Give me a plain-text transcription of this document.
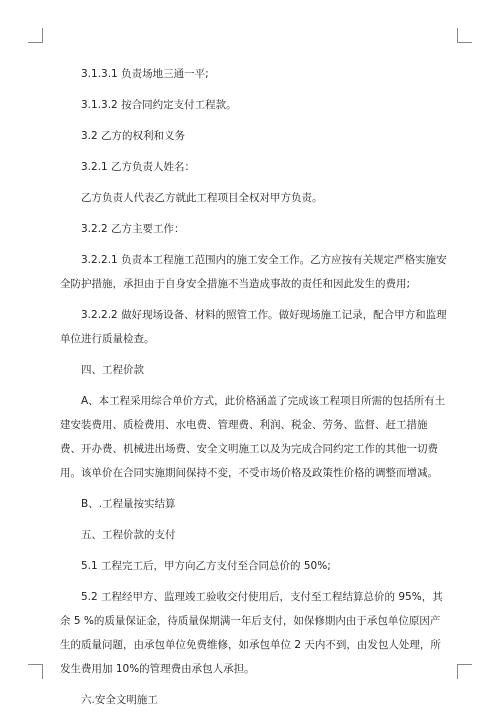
3.1.3.1 负责场地三通一平;

3.1.3.2 按合同约定支付工程款。

3.2 乙方的权利和义务

3.2.1 乙方负责人姓名：

乙方负责人代表乙方就此工程项目全权对甲方负责。

3.2.2 乙方主要工作：

3.2.2.1 负责本工程施工范围内的施工安全工作。乙方应按有关规定严格实施安全防护措施，承担由于自身安全措施不当造成事故的责任和因此发生的费用;

3.2.2.2 做好现场设备、材料的照管工作。做好现场施工记录，配合甲方和监理单位进行质量检查。

四、工程价款

A、本工程采用综合单价方式，此价格涵盖了完成该工程项目所需的包括所有土建安装费用、质检费用、水电费、管理费、利润、税金、劳务、监督、赶工措施费、开办费、机械进出场费、安全文明施工以及为完成合同约定工作的其他一切费用。该单价在合同实施期间保持不变，不受市场价格及政策性价格的调整而增减。

B、.工程量按实结算

五、工程价款的支付

5.1 工程完工后，甲方向乙方支付至合同总价的 50%;

5.2 工程经甲方、监理竣工验收交付使用后，支付至工程结算总价的 95%，其余 5 %的质量保证金，待质量保期满一年后支付，如保修期内由于承包单位原因产生的质量问题，由承包单位免费维修，如承包单位 2 天内不到，由发包人处理，所发生费用加 10%的管理费由承包人承担。

六.安全文明施工
